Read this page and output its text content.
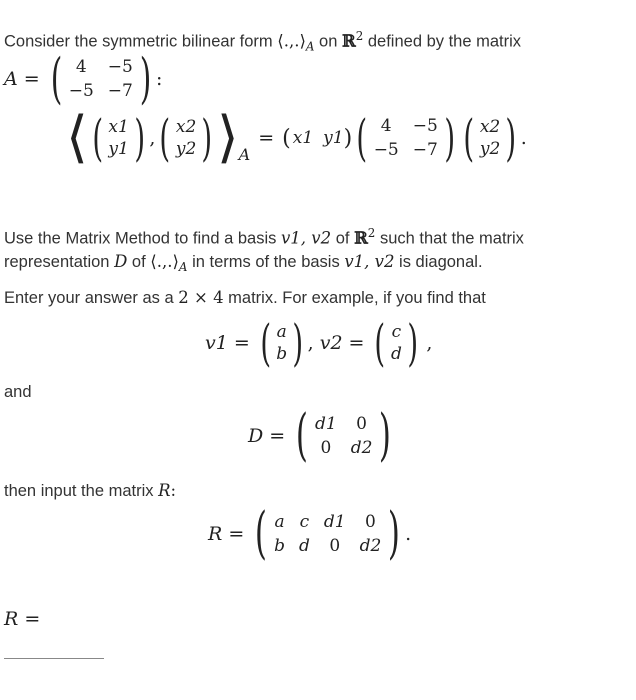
Consider the symmetric bilinear form $⟨.,.⟩_A$ on ℝ$^2$ defined by the matrix
A = ( 4	−5
−5 −7 ) :
⟨ ( x1
y1 ) , ( x2
y2 ) ⟩ A
= ( x1 y1 ) ( 4	−5
−5 −7 ) ( x2
y2 ) .
Use the Matrix Method to find a basis v1, v2 of ℝ$^2$ such that the matrix
representation D of $⟨.,.⟩_A$ in terms of the basis v1, v2 is diagonal.
Enter your answer as a 2 × 4 matrix. For example, if you find that
v1 = ( a
b ) , v2 = ( c
d ) ,
and
D = ( d1	0
0	d2 )
then input the matrix R:
R = ( a c d1	0
b d	0	d2 ) .
R =
